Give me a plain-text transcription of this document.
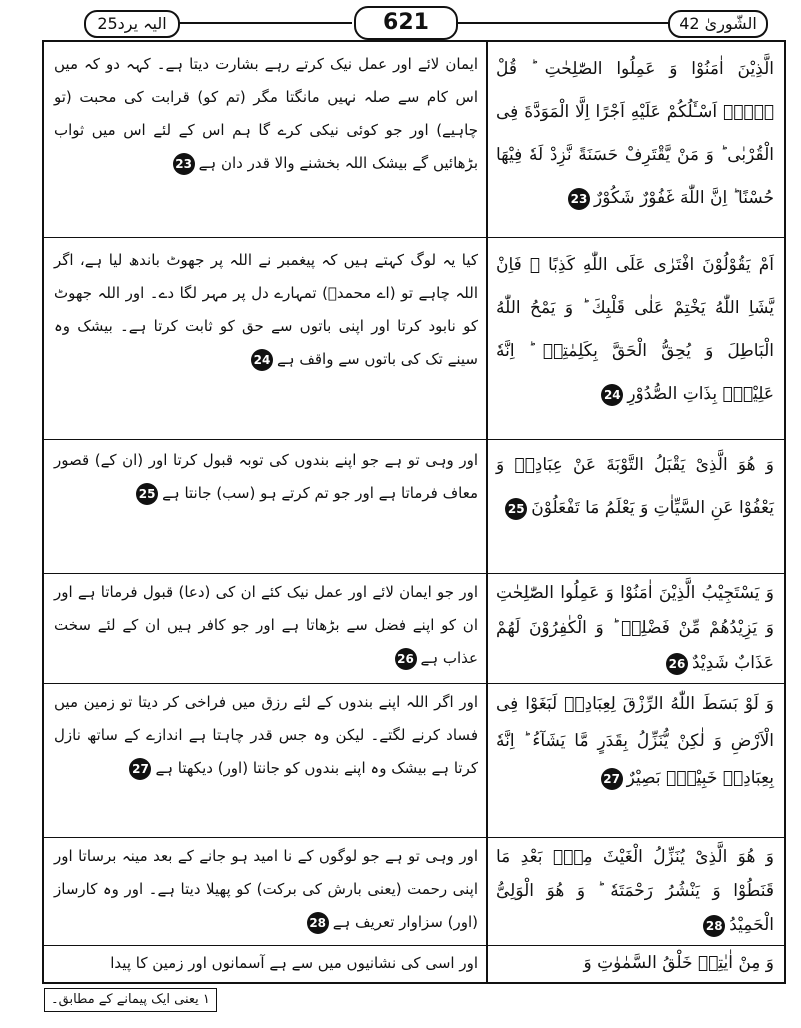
الیہ یرد25	621	الشّوریٰ 42
الَّذِیْنَ اٰمَنُوْا وَ عَمِلُوا الصّٰلِحٰتِ ؕ قُلْ لَّاۤ اَسْـَٔلُكُمْ عَلَیْهِ اَجْرًا اِلَّا الْمَوَدَّةَ فِی الْقُرْبٰی ؕ وَ مَنْ یَّقْتَرِفْ حَسَنَةً نَّزِدْ لَهٗ فِیْهَا حُسْنًا ؕ اِنَّ اللّٰهَ غَفُوْرٌ شَكُوْرٌ23
ایمان لائے اور عمل نیک کرتے رہے بشارت دیتا ہے۔ کہہ دو کہ میں اس کام سے صلہ نہیں مانگتا مگر (تم کو) قرابت کی محبت (تو چاہیے) اور جو کوئی نیکی کرے گا ہم اس کے لئے اس میں ثواب بڑھائیں گے بیشک اللہ بخشنے والا قدر دان ہے23
اَمْ یَقُوْلُوْنَ افْتَرٰی عَلَی اللّٰهِ كَذِبًا ۚ فَاِنْ یَّشَاِ اللّٰهُ یَخْتِمْ عَلٰی قَلْبِكَ ؕ وَ یَمْحُ اللّٰهُ الْبَاطِلَ وَ یُحِقُّ الْحَقَّ بِكَلِمٰتِهٖ ؕ اِنَّهٗ عَلِیْمٌۢ بِذَاتِ الصُّدُوْرِ24
کیا یہ لوگ کہتے ہیں کہ پیغمبر نے اللہ پر جھوٹ باندھ لیا ہے، اگر اللہ چاہے تو (اے محمدؐ) تمہارے دل پر مہر لگا دے۔ اور اللہ جھوٹ کو نابود کرتا اور اپنی باتوں سے حق کو ثابت کرتا ہے۔ بیشک وہ سینے تک کی باتوں سے واقف ہے24
وَ هُوَ الَّذِیْ یَقْبَلُ التَّوْبَةَ عَنْ عِبَادِهٖ وَ یَعْفُوْا عَنِ السَّیِّاٰتِ وَ یَعْلَمُ مَا تَفْعَلُوْنَ25
اور وہی تو ہے جو اپنے بندوں کی توبہ قبول کرتا اور (ان کے) قصور معاف فرماتا ہے اور جو تم کرتے ہو (سب) جانتا ہے25
وَ یَسْتَجِیْبُ الَّذِیْنَ اٰمَنُوْا وَ عَمِلُوا الصّٰلِحٰتِ وَ یَزِیْدُهُمْ مِّنْ فَضْلِهٖ ؕ وَ الْكٰفِرُوْنَ لَهُمْ عَذَابٌ شَدِیْدٌ26
اور جو ایمان لائے اور عمل نیک کئے ان کی (دعا) قبول فرماتا ہے اور ان کو اپنے فضل سے بڑھاتا ہے اور جو کافر ہیں ان کے لئے سخت عذاب ہے26
وَ لَوْ بَسَطَ اللّٰهُ الرِّزْقَ لِعِبَادِهٖ لَبَغَوْا فِی الْاَرْضِ وَ لٰكِنْ یُّنَزِّلُ بِقَدَرٍ مَّا یَشَآءُ ؕ اِنَّهٗ بِعِبَادِهٖ خَبِیْرٌۢ بَصِیْرٌ27
اور اگر اللہ اپنے بندوں کے لئے رزق میں فراخی کر دیتا تو زمین میں فساد کرنے لگتے۔ لیکن وہ جس قدر چاہتا ہے اندازے کے ساتھ نازل کرتا ہے بیشک وہ اپنے بندوں کو جانتا (اور) دیکھتا ہے27
وَ هُوَ الَّذِیْ یُنَزِّلُ الْغَیْثَ مِنْۢ بَعْدِ مَا قَنَطُوْا وَ یَنْشُرُ رَحْمَتَهٗ ؕ وَ هُوَ الْوَلِیُّ الْحَمِیْدُ28
اور وہی تو ہے جو لوگوں کے نا امید ہو جانے کے بعد مینہ برساتا اور اپنی رحمت (یعنی بارش کی برکت) کو پھیلا دیتا ہے۔ اور وہ کارساز (اور) سزاوار تعریف ہے28
وَ مِنْ اٰیٰتِهٖ خَلْقُ السَّمٰوٰتِ وَ
اور اسی کی نشانیوں میں سے ہے آسمانوں اور زمین کا پیدا
۱ یعنی ایک پیمانے کے مطابق۔
